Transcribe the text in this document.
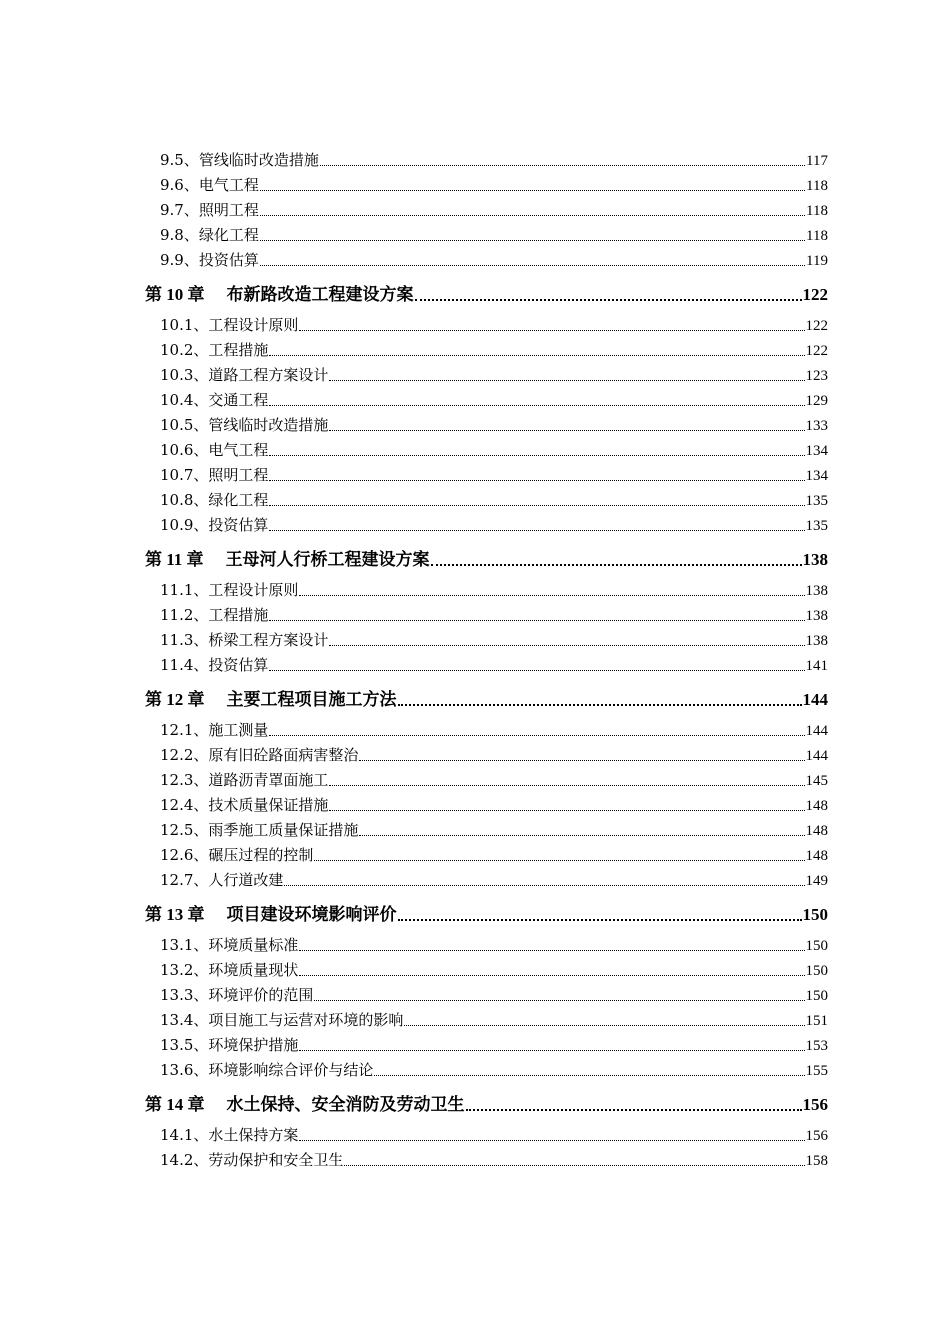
9.5、管线临时改造措施	117
9.6、电气工程	118
9.7、照明工程	118
9.8、绿化工程	118
9.9、投资估算	119
第 10 章 布新路改造工程建设方案	122
10.1、工程设计原则	122
10.2、工程措施	122
10.3、道路工程方案设计	123
10.4、交通工程	129
10.5、管线临时改造措施	133
10.6、电气工程	134
10.7、照明工程	134
10.8、绿化工程	135
10.9、投资估算	135
第 11 章 王母河人行桥工程建设方案	138
11.1、工程设计原则	138
11.2、工程措施	138
11.3、桥梁工程方案设计	138
11.4、投资估算	141
第 12 章 主要工程项目施工方法	144
12.1、施工测量	144
12.2、原有旧砼路面病害整治	144
12.3、道路沥青罩面施工	145
12.4、技术质量保证措施	148
12.5、雨季施工质量保证措施	148
12.6、碾压过程的控制	148
12.7、人行道改建	149
第 13 章 项目建设环境影响评价	150
13.1、环境质量标准	150
13.2、环境质量现状	150
13.3、环境评价的范围	150
13.4、项目施工与运营对环境的影响	151
13.5、环境保护措施	153
13.6、环境影响综合评价与结论	155
第 14 章 水土保持、安全消防及劳动卫生	156
14.1、水土保持方案	156
14.2、劳动保护和安全卫生	158
